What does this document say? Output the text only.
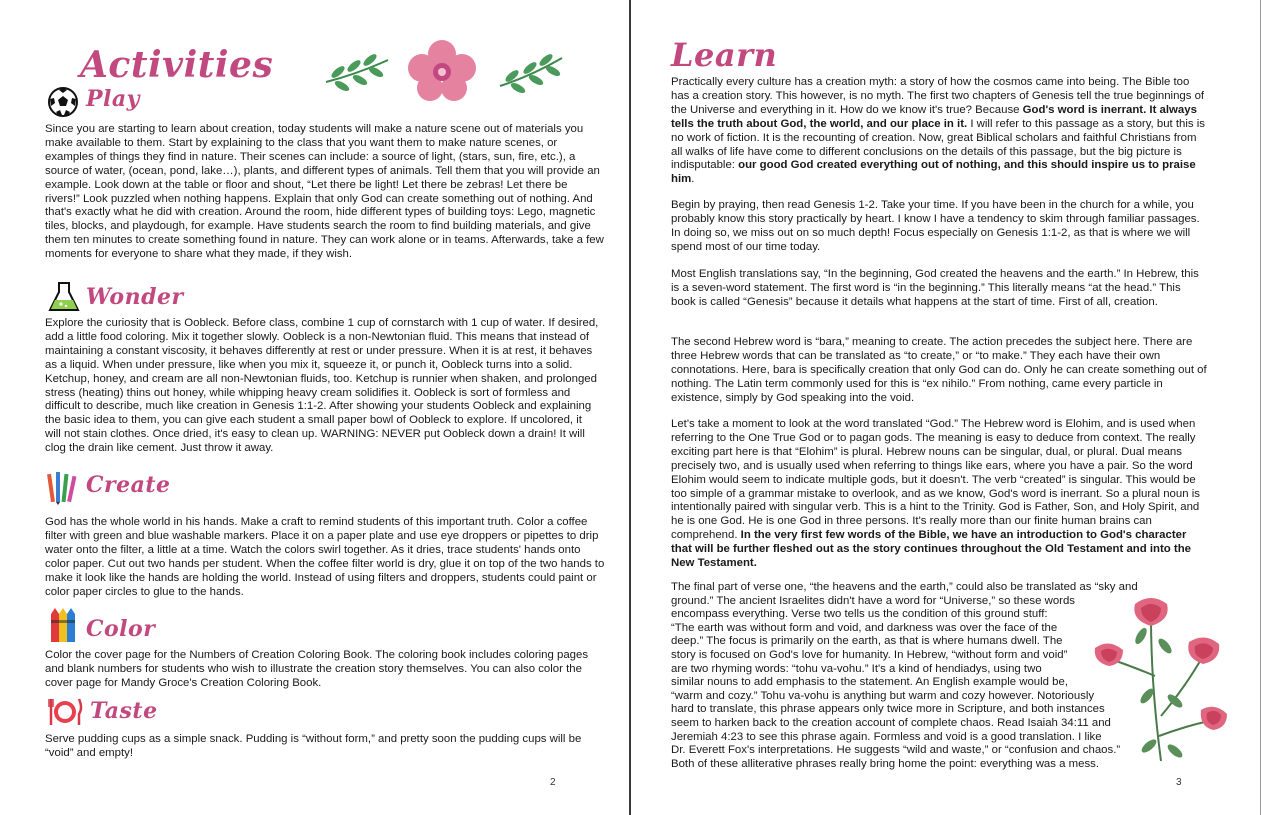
Activities
Play

Since you are starting to learn about creation, today students will make a nature scene out of materials you make available to them. Start by explaining to the class that you want them to make nature scenes, or examples of things they find in nature. Their scenes can include: a source of light, (stars, sun, fire, etc.), a source of water, (ocean, pond, lake…), plants, and different types of animals. Tell them that you will provide an example. Look down at the table or floor and shout, “Let there be light! Let there be zebras! Let there be rivers!” Look puzzled when nothing happens. Explain that only God can create something out of nothing. And that's exactly what he did with creation. Around the room, hide different types of building toys: Lego, magnetic tiles, blocks, and playdough, for example. Have students search the room to find building materials, and give them ten minutes to create something found in nature. They can work alone or in teams. Afterwards, take a few moments for everyone to share what they made, if they wish.

Wonder

Explore the curiosity that is Oobleck. Before class, combine 1 cup of cornstarch with 1 cup of water. If desired, add a little food coloring. Mix it together slowly. Oobleck is a non-Newtonian fluid. This means that instead of maintaining a constant viscosity, it behaves differently at rest or under pressure. When it is at rest, it behaves as a liquid. When under pressure, like when you mix it, squeeze it, or punch it, Oobleck turns into a solid. Ketchup, honey, and cream are all non-Newtonian fluids, too. Ketchup is runnier when shaken, and prolonged stress (heating) thins out honey, while whipping heavy cream solidifies it. Oobleck is sort of formless and difficult to describe, much like creation in Genesis 1:1-2. After showing your students Oobleck and explaining the basic idea to them, you can give each student a small paper bowl of Oobleck to explore. If uncolored, it will not stain clothes. Once dried, it's easy to clean up. WARNING: NEVER put Oobleck down a drain! It will clog the drain like cement. Just throw it away.

Create

God has the whole world in his hands. Make a craft to remind students of this important truth. Color a coffee filter with green and blue washable markers. Place it on a paper plate and use eye droppers or pipettes to drip water onto the filter, a little at a time. Watch the colors swirl together. As it dries, trace students' hands onto color paper. Cut out two hands per student. When the coffee filter world is dry, glue it on top of the two hands to make it look like the hands are holding the world. Instead of using filters and droppers, students could paint or color paper circles to glue to the hands.

Color

Color the cover page for the Numbers of Creation Coloring Book. The coloring book includes coloring pages and blank numbers for students who wish to illustrate the creation story themselves. You can also color the cover page for Mandy Groce's Creation Coloring Book.

Taste

Serve pudding cups as a simple snack. Pudding is “without form,” and pretty soon the pudding cups will be “void” and empty!

2
Learn

Practically every culture has a creation myth: a story of how the cosmos came into being. The Bible too has a creation story. This however, is no myth. The first two chapters of Genesis tell the true beginnings of the Universe and everything in it. How do we know it's true? Because God's word is inerrant. It always tells the truth about God, the world, and our place in it. I will refer to this passage as a story, but this is no work of fiction. It is the recounting of creation. Now, great Biblical scholars and faithful Christians from all walks of life have come to different conclusions on the details of this passage, but the big picture is indisputable: our good God created everything out of nothing, and this should inspire us to praise him.

Begin by praying, then read Genesis 1-2. Take your time. If you have been in the church for a while, you probably know this story practically by heart. I know I have a tendency to skim through familiar passages. In doing so, we miss out on so much depth! Focus especially on Genesis 1:1-2, as that is where we will spend most of our time today.

Most English translations say, “In the beginning, God created the heavens and the earth.” In Hebrew, this is a seven-word statement. The first word is “in the beginning.” This literally means “at the head.” This book is called “Genesis” because it details what happens at the start of time. First of all, creation.

The second Hebrew word is “bara,” meaning to create. The action precedes the subject here. There are three Hebrew words that can be translated as “to create,” or “to make.” They each have their own connotations. Here, bara is specifically creation that only God can do. Only he can create something out of nothing. The Latin term commonly used for this is “ex nihilo.” From nothing, came every particle in existence, simply by God speaking into the void.

Let's take a moment to look at the word translated “God.” The Hebrew word is Elohim, and is used when referring to the One True God or to pagan gods. The meaning is easy to deduce from context. The really exciting part here is that “Elohim” is plural. Hebrew nouns can be singular, dual, or plural. Dual means precisely two, and is usually used when referring to things like ears, where you have a pair. So the word Elohim would seem to indicate multiple gods, but it doesn't. The verb “created” is singular. This would be too simple of a grammar mistake to overlook, and as we know, God's word is inerrant. So a plural noun is intentionally paired with singular verb. This is a hint to the Trinity. God is Father, Son, and Holy Spirit, and he is one God. He is one God in three persons. It's really more than our finite human brains can comprehend. In the very first few words of the Bible, we have an introduction to God's character that will be further fleshed out as the story continues throughout the Old Testament and into the New Testament.

The final part of verse one, “the heavens and the earth,” could also be translated as “sky and
ground.” The ancient Israelites didn't have a word for “Universe,” so these words
encompass everything. Verse two tells us the condition of this ground stuff:
“The earth was without form and void, and darkness was over the face of the
deep.” The focus is primarily on the earth, as that is where humans dwell. The
story is focused on God's love for humanity. In Hebrew, “without form and void”
are two rhyming words: “tohu va-vohu.” It's a kind of hendiadys, using two
similar nouns to add emphasis to the statement. An English example would be,
“warm and cozy.” Tohu va-vohu is anything but warm and cozy however. Notoriously
hard to translate, this phrase appears only twice more in Scripture, and both instances
seem to harken back to the creation account of complete chaos. Read Isaiah 34:11 and
Jeremiah 4:23 to see this phrase again. Formless and void is a good translation. I like
Dr. Everett Fox's interpretations. He suggests “wild and waste,” or “confusion and chaos.”
Both of these alliterative phrases really bring home the point: everything was a mess.
3
